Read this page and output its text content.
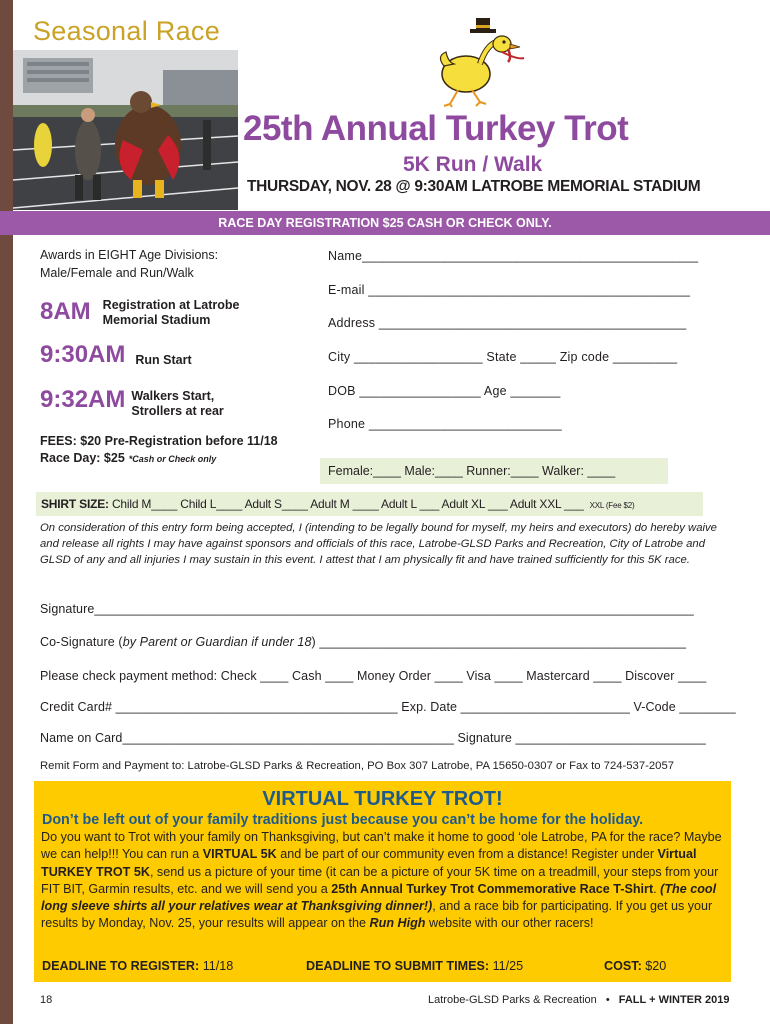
Seasonal Race
25th Annual Turkey Trot
5K Run / Walk
THURSDAY, NOV. 28 @ 9:30AM LATROBE MEMORIAL STADIUM
RACE DAY REGISTRATION $25 CASH OR CHECK ONLY.
Awards in EIGHT Age Divisions:
Male/Female and Run/Walk
8AM Registration at Latrobe
Memorial Stadium
9:30AM Run Start
9:32AM Walkers Start,
Strollers at rear
FEES: $20 Pre-Registration before 11/18
Race Day: $25 *Cash or Check only
Name_______________________________________________
E-mail _____________________________________________
Address ___________________________________________
City __________________ State _____ Zip code _________
DOB _________________ Age _______
Phone ___________________________
Female:____ Male:____ Runner:____ Walker: ____
SHIRT SIZE: Child M____ Child L____ Adult S____ Adult M ____ Adult L ___ Adult XL ___ Adult XXL ___ XXL (Fee $2)
On consideration of this entry form being accepted, I (intending to be legally bound for myself, my heirs and executors) do hereby waive and release all rights I may have against sponsors and officials of this race, Latrobe-GLSD Parks and Recreation, City of Latrobe and GLSD of any and all injuries I may sustain in this event. I attest that I am physically fit and have trained sufficiently for this 5K race.
Signature_____________________________________________________________________________________
Co-Signature (by Parent or Guardian if under 18) ____________________________________________________
Please check payment method: Check ____ Cash ____ Money Order ____ Visa ____ Mastercard ____ Discover ____
Credit Card# ________________________________________ Exp. Date ________________________ V-Code ________
Name on Card_______________________________________________ Signature ___________________________
Remit Form and Payment to: Latrobe-GLSD Parks & Recreation, PO Box 307 Latrobe, PA 15650-0307 or Fax to 724-537-2057
VIRTUAL TURKEY TROT!
Don’t be left out of your family traditions just because you can’t be home for the holiday.
Do you want to Trot with your family on Thanksgiving, but can’t make it home to good ‘ole Latrobe, PA for the race? Maybe we can help!!! You can run a VIRTUAL 5K and be part of our community even from a distance! Register under Virtual TURKEY TROT 5K, send us a picture of your time (it can be a picture of your 5K time on a treadmill, your steps from your FIT BIT, Garmin results, etc. and we will send you a 25th Annual Turkey Trot Commemorative Race T-Shirt. (The cool long sleeve shirts all your relatives wear at Thanksgiving dinner!), and a race bib for participating. If you get us your results by Monday, Nov. 25, your results will appear on the Run High website with our other racers!
DEADLINE TO REGISTER: 11/18	DEADLINE TO SUBMIT TIMES: 11/25	COST: $20
18	Latrobe-GLSD Parks & Recreation • FALL + WINTER 2019
